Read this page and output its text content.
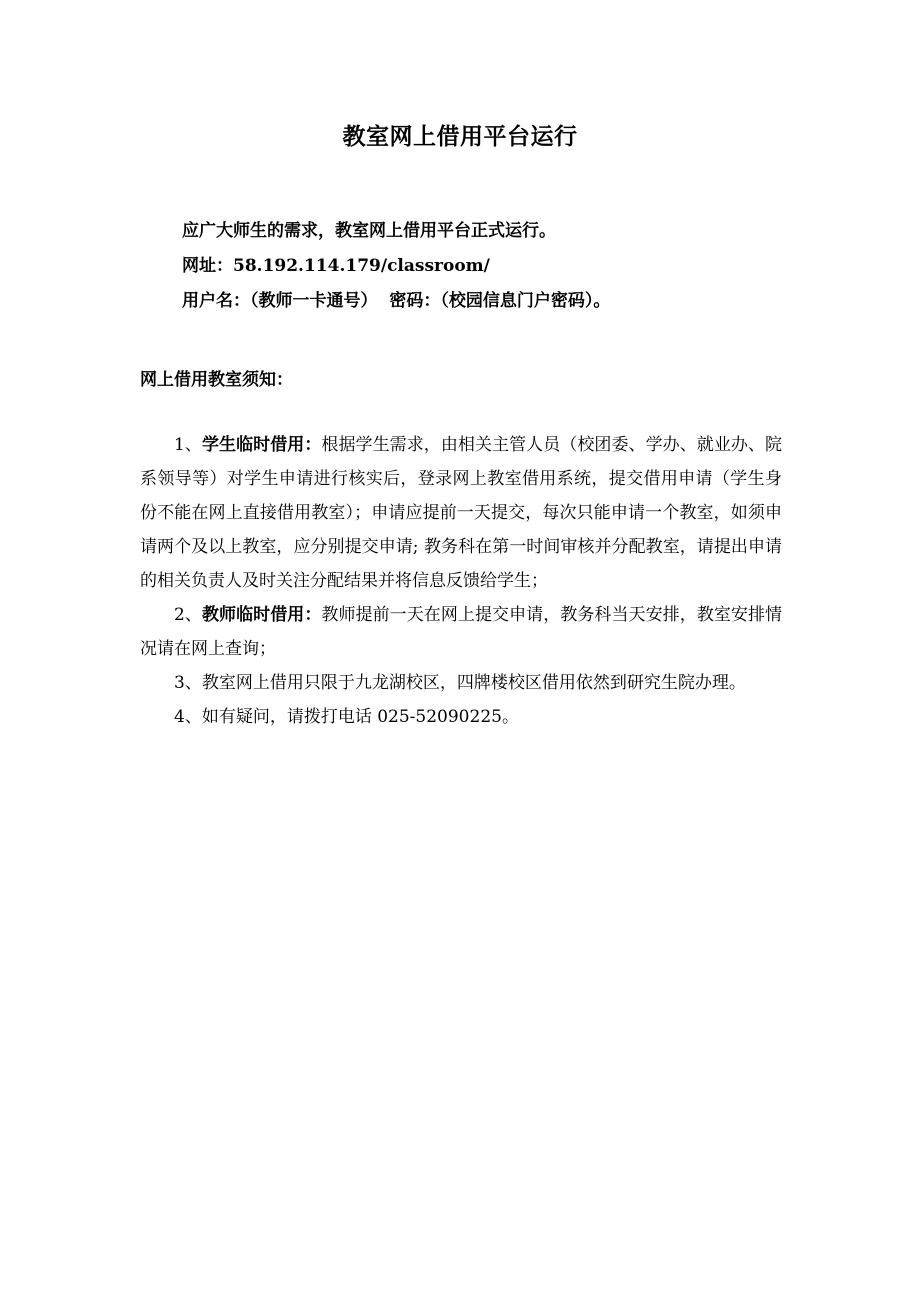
教室网上借用平台运行
应广大师生的需求，教室网上借用平台正式运行。
网址：58.192.114.179/classroom/
用户名：（教师一卡通号）  密码：（校园信息门户密码）。
网上借用教室须知：

1、学生临时借用：根据学生需求，由相关主管人员（校团委、学办、就业办、院系领导等）对学生申请进行核实后，登录网上教室借用系统，提交借用申请（学生身份不能在网上直接借用教室）；申请应提前一天提交，每次只能申请一个教室，如须申请两个及以上教室，应分别提交申请; 教务科在第一时间审核并分配教室，请提出申请的相关负责人及时关注分配结果并将信息反馈给学生；

2、教师临时借用：教师提前一天在网上提交申请，教务科当天安排，教室安排情况请在网上查询；

3、教室网上借用只限于九龙湖校区，四牌楼校区借用依然到研究生院办理。

4、如有疑问，请拨打电话 025-52090225。
